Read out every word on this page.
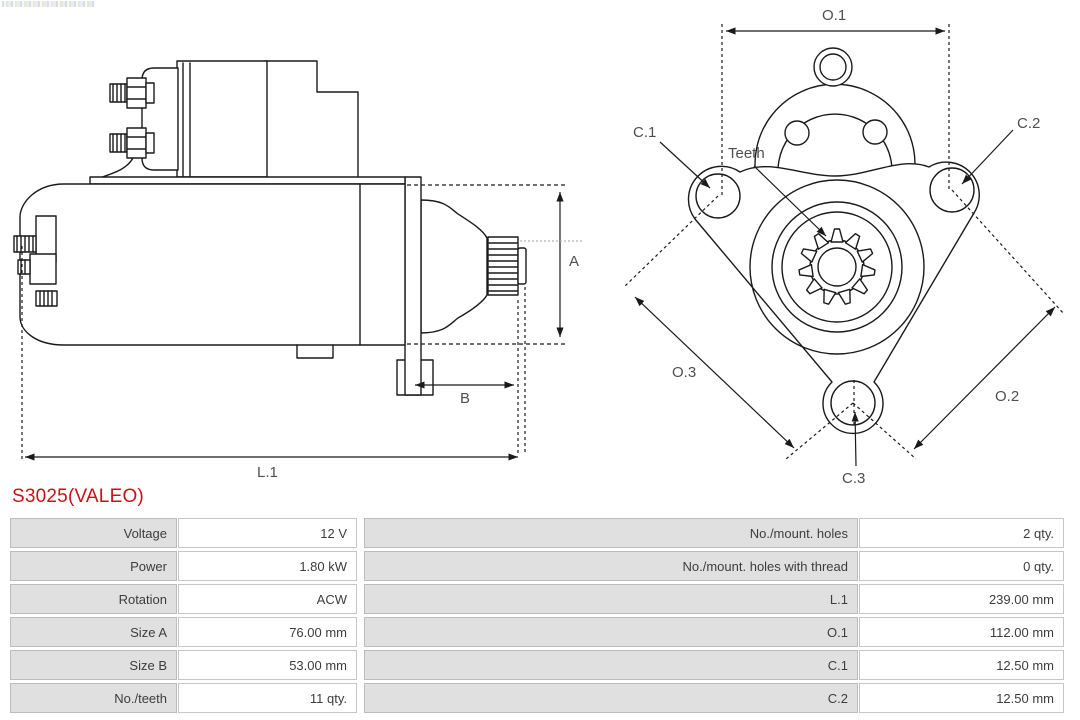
A
B
L.1
O.1
C.1
C.2
Teeth
O.3
O.2
C.3
S3025(VALEO)
Voltage	12 V	No./mount. holes	2 qty.
Power	1.80 kW	No./mount. holes with thread	0 qty.
Rotation	ACW	L.1	239.00 mm
Size A	76.00 mm	O.1	112.00 mm
Size B	53.00 mm	C.1	12.50 mm
No./teeth	11 qty.	C.2	12.50 mm
